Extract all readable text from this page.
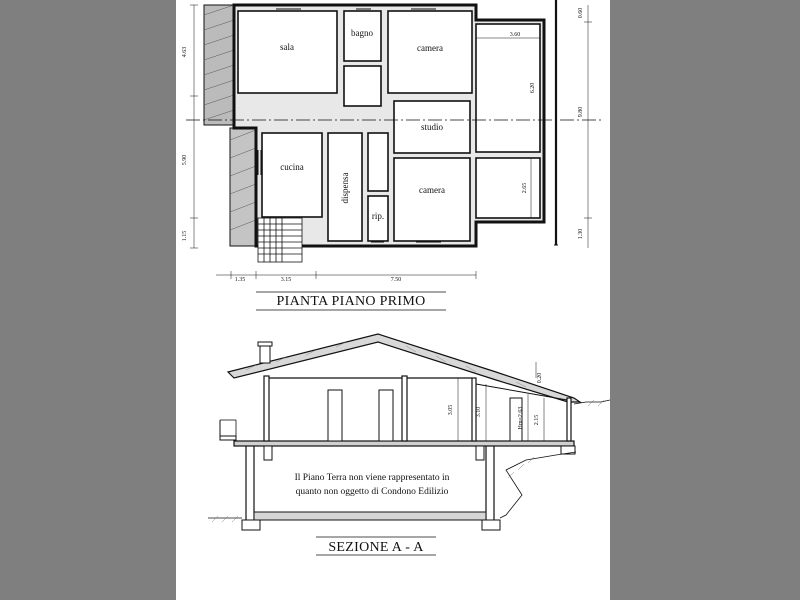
sala
bagno
camera
studio
cucina
dispensa
rip.
camera
4.63
5.90
1.15
1.35	3.15	7.50
3.60
6.20
9.80
0.60
1.30
2.65
PIANTA PIANO PRIMO
3.05	3.10	Hm=2.63 2.15
0.20
Il Piano Terra non viene rappresentato in
quanto non oggetto di Condono Edilizio
SEZIONE A - A
